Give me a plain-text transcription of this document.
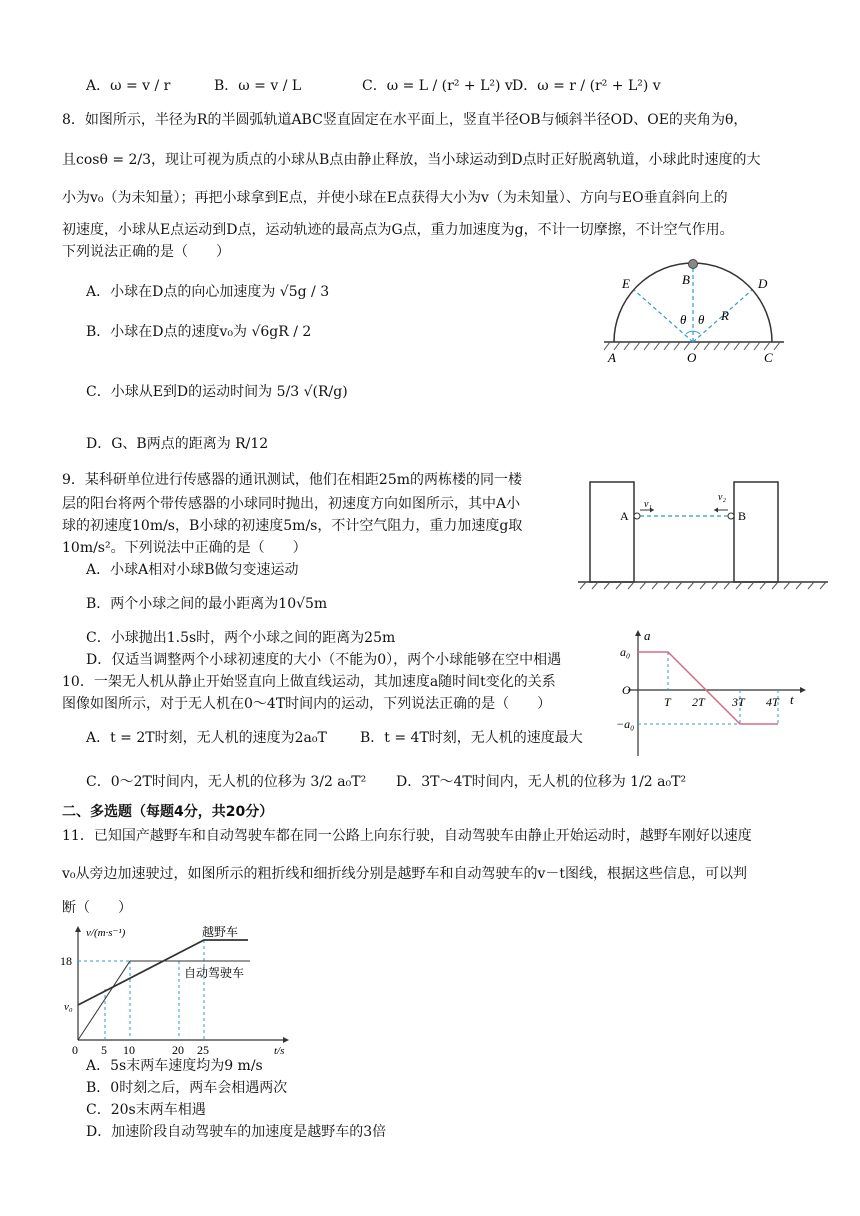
A．ω = v / r	B．ω = v / L	C．ω = L / (r² + L²) v D．ω = r / (r² + L²) v
8．如图所示，半径为R的半圆弧轨道ABC竖直固定在水平面上，竖直半径OB与倾斜半径OD、OE的夹角为θ，
且cosθ = 2/3，现让可视为质点的小球从B点由静止释放，当小球运动到D点时正好脱离轨道，小球此时速度的大
小为v₀（为未知量）；再把小球拿到E点，并使小球在E点获得大小为v（为未知量）、方向与EO垂直斜向上的
初速度，小球从E点运动到D点，运动轨迹的最高点为G点，重力加速度为g，不计一切摩擦，不计空气作用。
下列说法正确的是（　　）
A．小球在D点的向心加速度为 √5g / 3
B．小球在D点的速度v₀为 √6gR / 2
C．小球从E到D的运动时间为 5/3 √(R/g)
D．G、B两点的距离为 R/12
E	B	D
θ θ R
A	O	C
9．某科研单位进行传感器的通讯测试，他们在相距25m的两栋楼的同一楼
层的阳台将两个带传感器的小球同时抛出，初速度方向如图所示，其中A小
球的初速度10m/s，B小球的初速度5m/s，不计空气阻力，重力加速度g取
10m/s²。下列说法中正确的是（　　）
A．小球A相对小球B做匀变速运动
B．两个小球之间的最小距离为10√5m
C．小球抛出1.5s时，两个小球之间的距离为25m
D．仅适当调整两个小球初速度的大小（不能为0），两个小球能够在空中相遇
A	B
v₁
v₂
10．一架无人机从静止开始竖直向上做直线运动，其加速度a随时间t变化的关系
图像如图所示，对于无人机在0～4T时间内的运动，下列说法正确的是（　　）
A．t = 2T时刻，无人机的速度为2a₀T B．t = 4T时刻，无人机的速度最大
C．0～2T时间内，无人机的位移为 3/2 a₀T² D．3T～4T时间内，无人机的位移为 1/2 a₀T²
a
a₀
O
−a₀
T 2T 3T 4T t
二、多选题（每题4分，共20分）
11．已知国产越野车和自动驾驶车都在同一公路上向东行驶，自动驾驶车由静止开始运动时，越野车刚好以速度
v₀从旁边加速驶过，如图所示的粗折线和细折线分别是越野车和自动驾驶车的v－t图线，根据这些信息，可以判
断（　　）
v/(m·s⁻¹)	越野车
18
自动驾驶车
v₀
0 5 10	20 25	t/s
A．5s末两车速度均为9 m/s
B．0时刻之后，两车会相遇两次
C．20s末两车相遇
D．加速阶段自动驾驶车的加速度是越野车的3倍
